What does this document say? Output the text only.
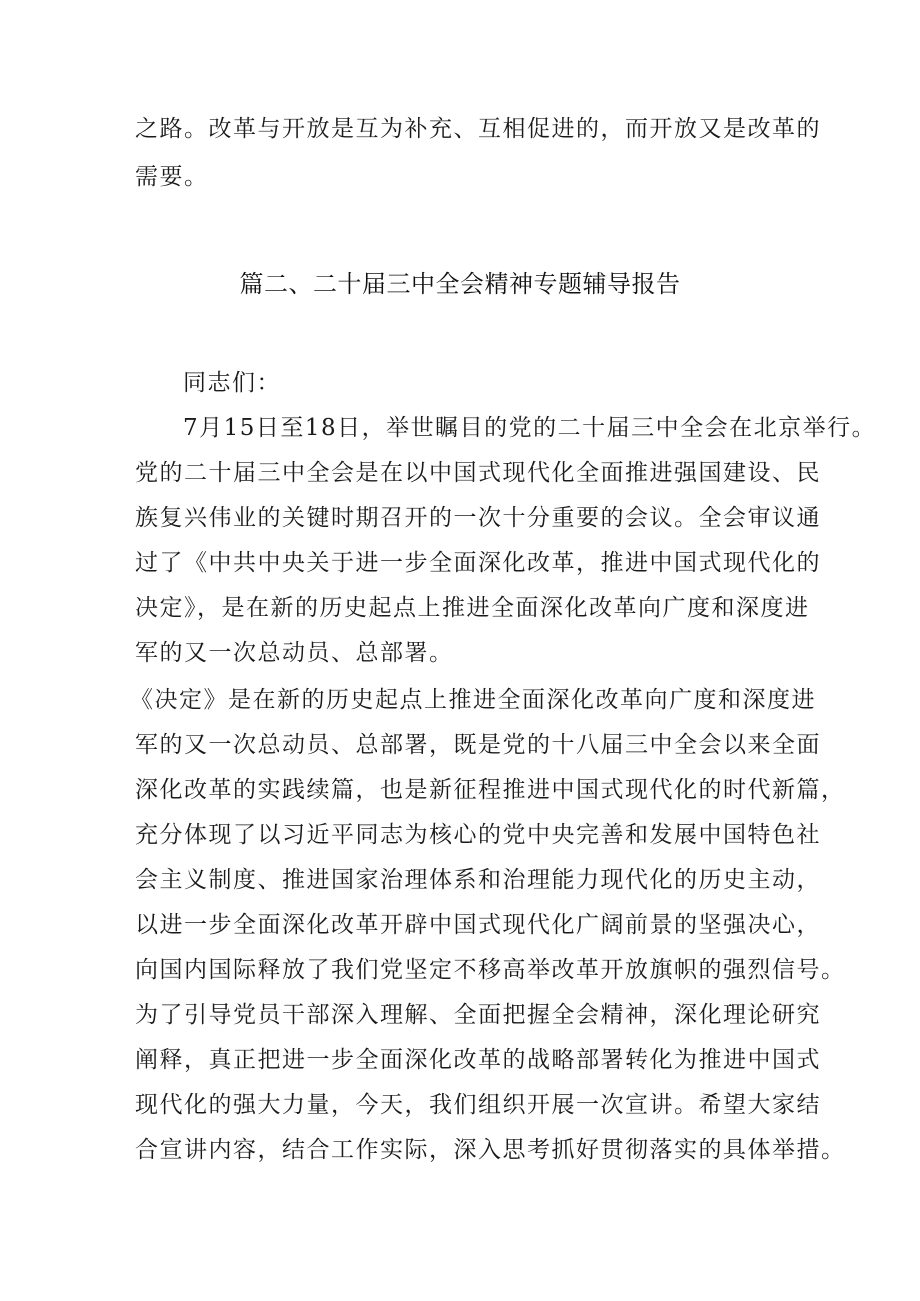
之路。改革与开放是互为补充、互相促进的，而开放又是改革的
需要。
篇二、二十届三中全会精神专题辅导报告
同志们：
7月15日至18日，举世瞩目的党的二十届三中全会在北京举行。
党的二十届三中全会是在以中国式现代化全面推进强国建设、民
族复兴伟业的关键时期召开的一次十分重要的会议。全会审议通
过了《中共中央关于进一步全面深化改革，推进中国式现代化的
决定》，是在新的历史起点上推进全面深化改革向广度和深度进
军的又一次总动员、总部署。
《决定》是在新的历史起点上推进全面深化改革向广度和深度进
军的又一次总动员、总部署，既是党的十八届三中全会以来全面
深化改革的实践续篇，也是新征程推进中国式现代化的时代新篇，
充分体现了以习近平同志为核心的党中央完善和发展中国特色社
会主义制度、推进国家治理体系和治理能力现代化的历史主动，
以进一步全面深化改革开辟中国式现代化广阔前景的坚强决心，
向国内国际释放了我们党坚定不移高举改革开放旗帜的强烈信号。
为了引导党员干部深入理解、全面把握全会精神，深化理论研究
阐释，真正把进一步全面深化改革的战略部署转化为推进中国式
现代化的强大力量，今天，我们组织开展一次宣讲。希望大家结
合宣讲内容，结合工作实际，深入思考抓好贯彻落实的具体举措。
